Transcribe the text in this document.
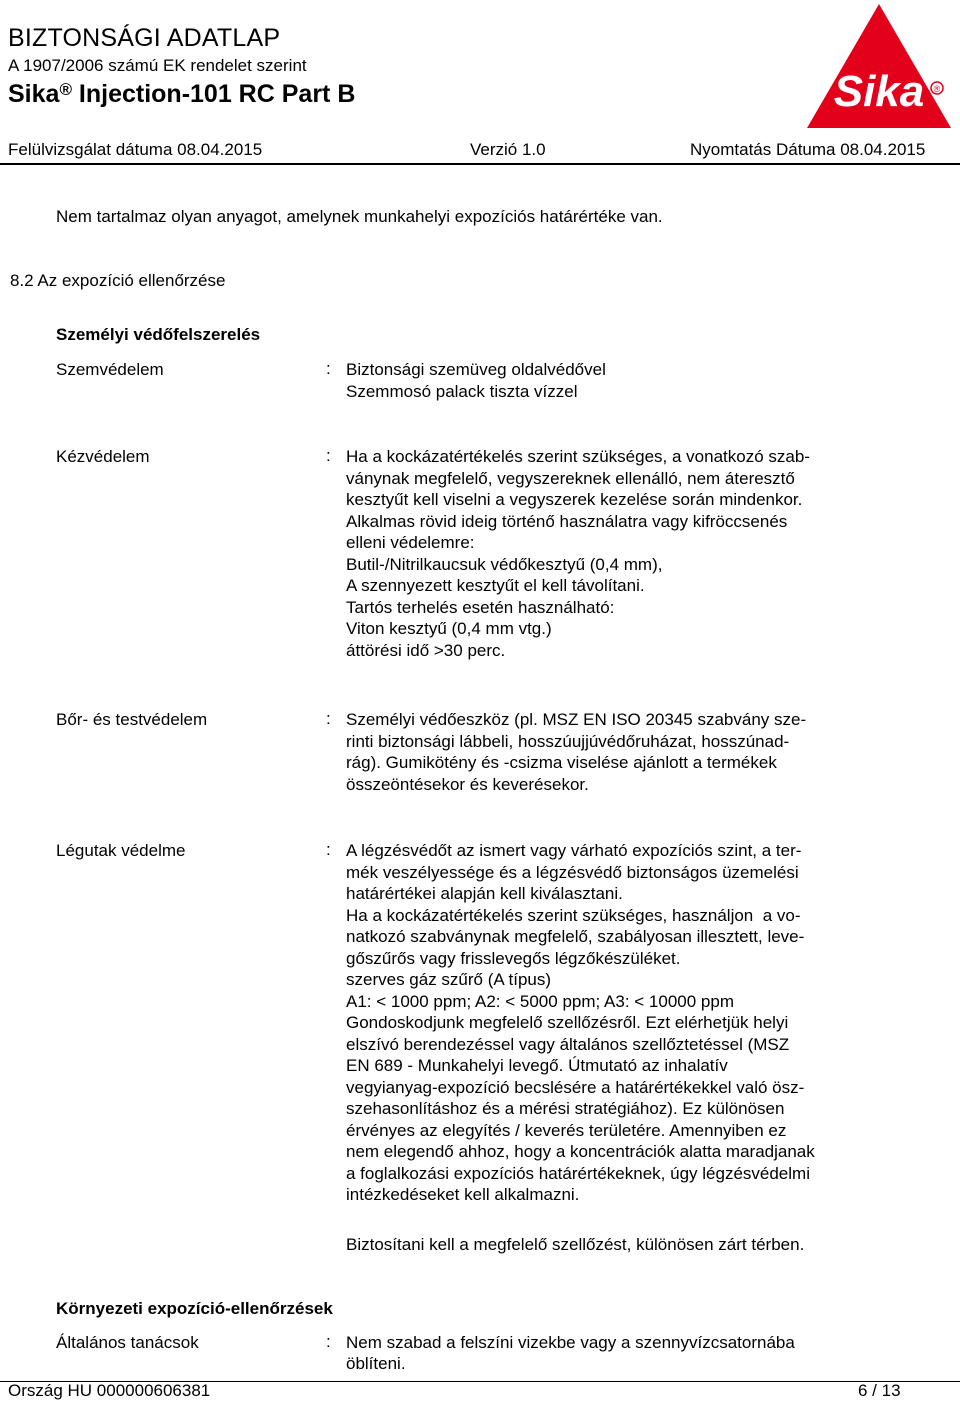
BIZTONSÁGI ADATLAP
A 1907/2006 számú EK rendelet szerint
Sika® Injection-101 RC Part B
Felülvizsgálat dátuma 08.04.2015	Verzió 1.0	Nyomtatás Dátuma 08.04.2015
Sika ®
Nem tartalmaz olyan anyagot, amelynek munkahelyi expozíciós határértéke van.
8.2 Az expozíció ellenőrzése
Személyi védőfelszerelés
Szemvédelem	: Biztonsági szemüveg oldalvédővel
Szemmosó palack tiszta vízzel
Kézvédelem	: Ha a kockázatértékelés szerint szükséges, a vonatkozó szab-
ványnak megfelelő, vegyszereknek ellenálló, nem áteresztő
kesztyűt kell viselni a vegyszerek kezelése során mindenkor.
Alkalmas rövid ideig történő használatra vagy kifröccsenés
elleni védelemre:
Butil-/Nitrilkaucsuk védőkesztyű (0,4 mm),
A szennyezett kesztyűt el kell távolítani.
Tartós terhelés esetén használható:
Viton kesztyű (0,4 mm vtg.)
áttörési idő >30 perc.
Bőr- és testvédelem	: Személyi védőeszköz (pl. MSZ EN ISO 20345 szabvány sze-
rinti biztonsági lábbeli, hosszúujjúvédőruházat, hosszúnad-
rág). Gumikötény és -csizma viselése ajánlott a termékek
összeöntésekor és keverésekor.
Légutak védelme	: A légzésvédőt az ismert vagy várható expozíciós szint, a ter-
mék veszélyessége és a légzésvédő biztonságos üzemelési
határértékei alapján kell kiválasztani.
Ha a kockázatértékelés szerint szükséges, használjon  a vo-
natkozó szabványnak megfelelő, szabályosan illesztett, leve-
gőszűrős vagy frisslevegős légzőkészüléket.
szerves gáz szűrő (A típus)
A1: < 1000 ppm; A2: < 5000 ppm; A3: < 10000 ppm
Gondoskodjunk megfelelő szellőzésről. Ezt elérhetjük helyi
elszívó berendezéssel vagy általános szellőztetéssel (MSZ
EN 689 - Munkahelyi levegő. Útmutató az inhalatív
vegyianyag-expozíció becslésére a határértékekkel való ösz-
szehasonlításhoz és a mérési stratégiához). Ez különösen
érvényes az elegyítés / keverés területére. Amennyiben ez
nem elegendő ahhoz, hogy a koncentrációk alatta maradjanak
a foglalkozási expozíciós határértékeknek, úgy légzésvédelmi
intézkedéseket kell alkalmazni.
Biztosítani kell a megfelelő szellőzést, különösen zárt térben.
Környezeti expozíció-ellenőrzések
Általános tanácsok	: Nem szabad a felszíni vizekbe vagy a szennyvízcsatornába
öblíteni.
Ország HU 000000606381	6 / 13
